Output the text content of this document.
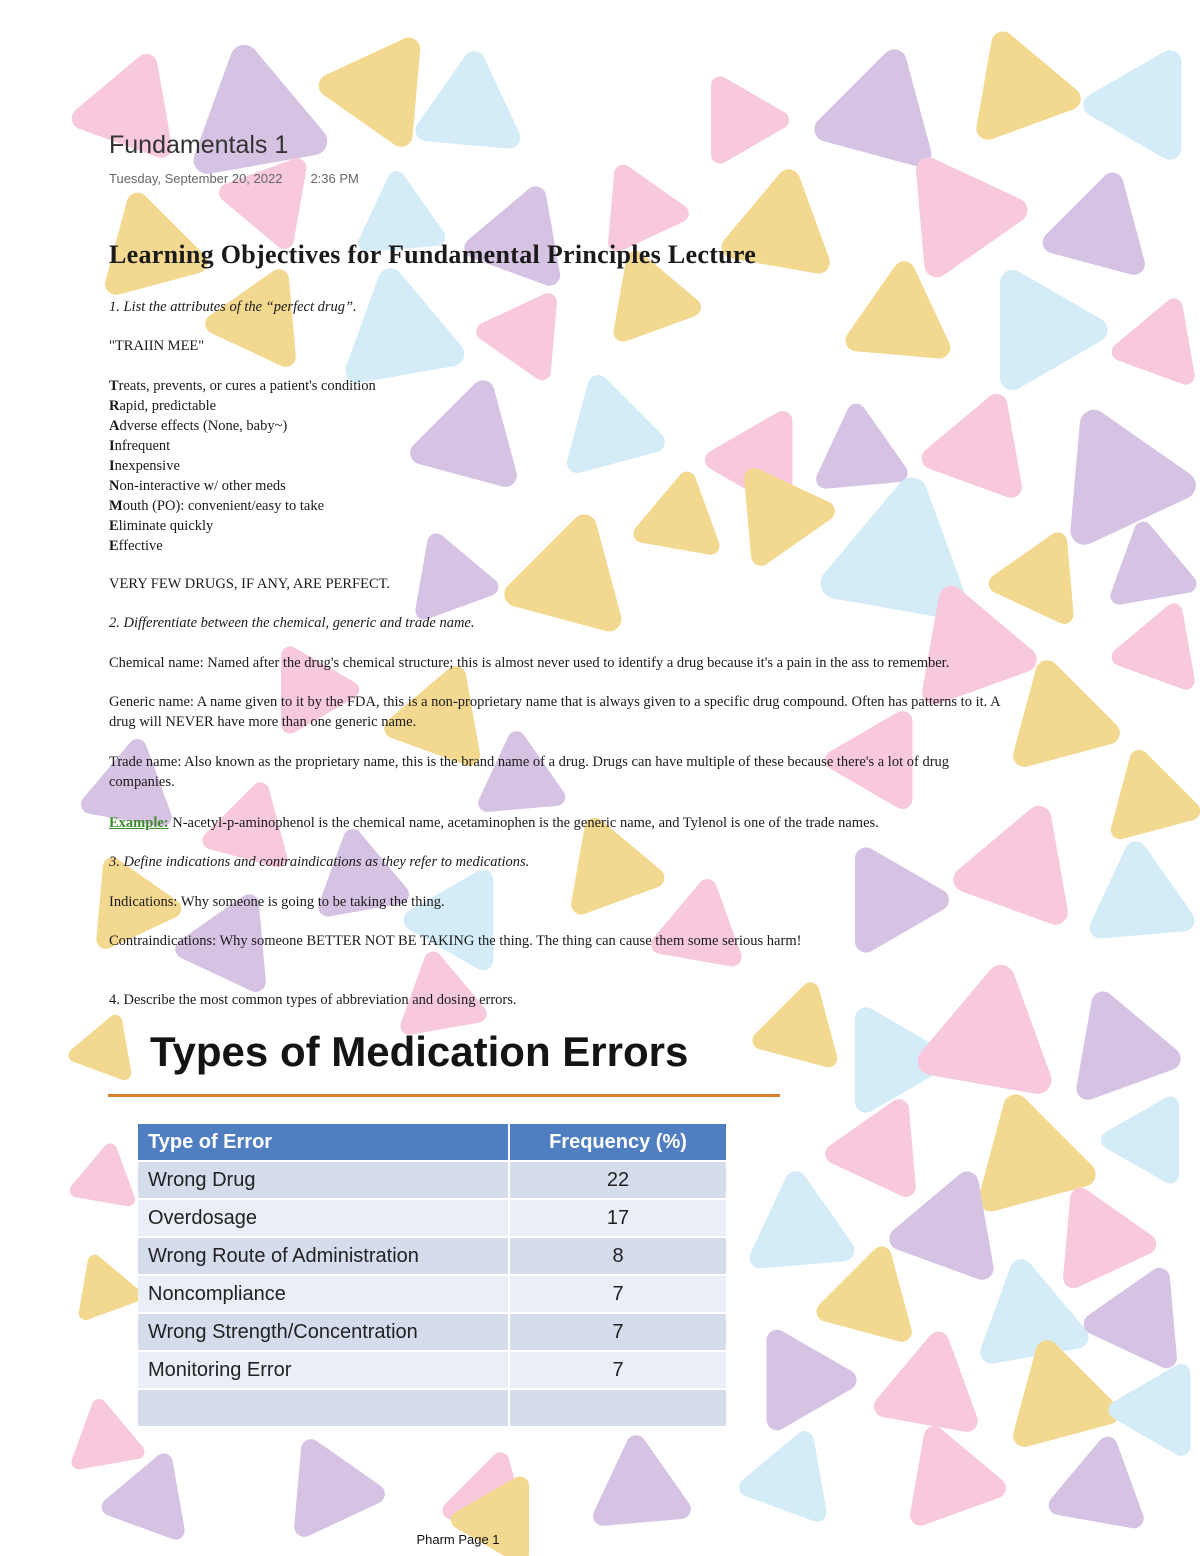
Fundamentals 1
Tuesday, September 20, 2022 2:36 PM
Learning Objectives for Fundamental Principles Lecture
1. List the attributes of the “perfect drug”.
"TRAIIN MEE"
Treats, prevents, or cures a patient's condition
Rapid, predictable
Adverse effects (None, baby~)
Infrequent
Inexpensive
Non-interactive w/ other meds
Mouth (PO): convenient/easy to take
Eliminate quickly
Effective
VERY FEW DRUGS, IF ANY, ARE PERFECT.
2. Differentiate between the chemical, generic and trade name.
Chemical name: Named after the drug's chemical structure; this is almost never used to identify a drug because it's a pain in the ass to remember.
Generic name: A name given to it by the FDA, this is a non-proprietary name that is always given to a specific drug compound. Often has patterns to it. A
drug will NEVER have more than one generic name.
Trade name: Also known as the proprietary name, this is the brand name of a drug. Drugs can have multiple of these because there's a lot of drug
companies.
Example: N-acetyl-p-aminophenol is the chemical name, acetaminophen is the generic name, and Tylenol is one of the trade names.
3. Define indications and contraindications as they refer to medications.
Indications: Why someone is going to be taking the thing.
Contraindications: Why someone BETTER NOT BE TAKING the thing. The thing can cause them some serious harm!
4. Describe the most common types of abbreviation and dosing errors.
Types of Medication Errors
Type of Error	Frequency (%)
Wrong Drug	22
Overdosage	17
Wrong Route of Administration	8
Noncompliance	7
Wrong Strength/Concentration	7
Monitoring Error	7

Pharm Page 1
